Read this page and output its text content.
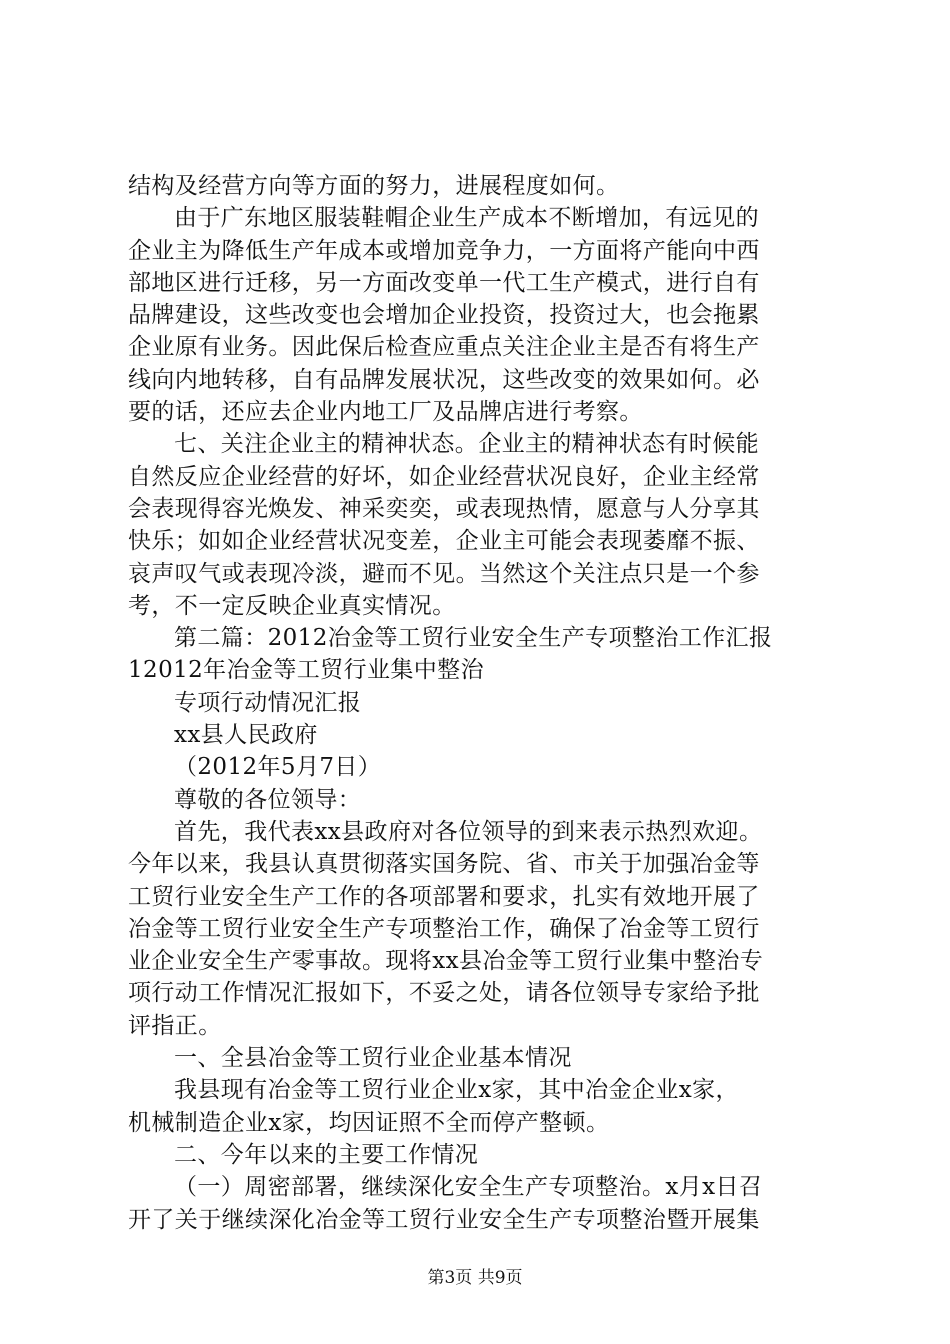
结构及经营方向等方面的努力，进展程度如何。
由于广东地区服装鞋帽企业生产成本不断增加，有远见的
企业主为降低生产年成本或增加竞争力，一方面将产能向中西
部地区进行迁移，另一方面改变单一代工生产模式，进行自有
品牌建设，这些改变也会增加企业投资，投资过大，也会拖累
企业原有业务。因此保后检查应重点关注企业主是否有将生产
线向内地转移，自有品牌发展状况，这些改变的效果如何。必
要的话，还应去企业内地工厂及品牌店进行考察。
七、关注企业主的精神状态。企业主的精神状态有时候能
自然反应企业经营的好坏，如企业经营状况良好，企业主经常
会表现得容光焕发、神采奕奕，或表现热情，愿意与人分享其
快乐；如如企业经营状况变差，企业主可能会表现萎靡不振、
哀声叹气或表现冷淡，避而不见。当然这个关注点只是一个参
考，不一定反映企业真实情况。
第二篇：2012冶金等工贸行业安全生产专项整治工作汇报
12012年冶金等工贸行业集中整治
专项行动情况汇报
xx县人民政府
（2012年5月7日）
尊敬的各位领导：
首先，我代表xx县政府对各位领导的到来表示热烈欢迎。
今年以来，我县认真贯彻落实国务院、省、市关于加强冶金等
工贸行业安全生产工作的各项部署和要求，扎实有效地开展了
冶金等工贸行业安全生产专项整治工作，确保了冶金等工贸行
业企业安全生产零事故。现将xx县冶金等工贸行业集中整治专
项行动工作情况汇报如下，不妥之处，请各位领导专家给予批
评指正。
一、全县冶金等工贸行业企业基本情况
我县现有冶金等工贸行业企业x家，其中冶金企业x家，
机械制造企业x家，均因证照不全而停产整顿。
二、今年以来的主要工作情况
（一）周密部署，继续深化安全生产专项整治。x月x日召
开了关于继续深化冶金等工贸行业安全生产专项整治暨开展集
第3页 共9页
